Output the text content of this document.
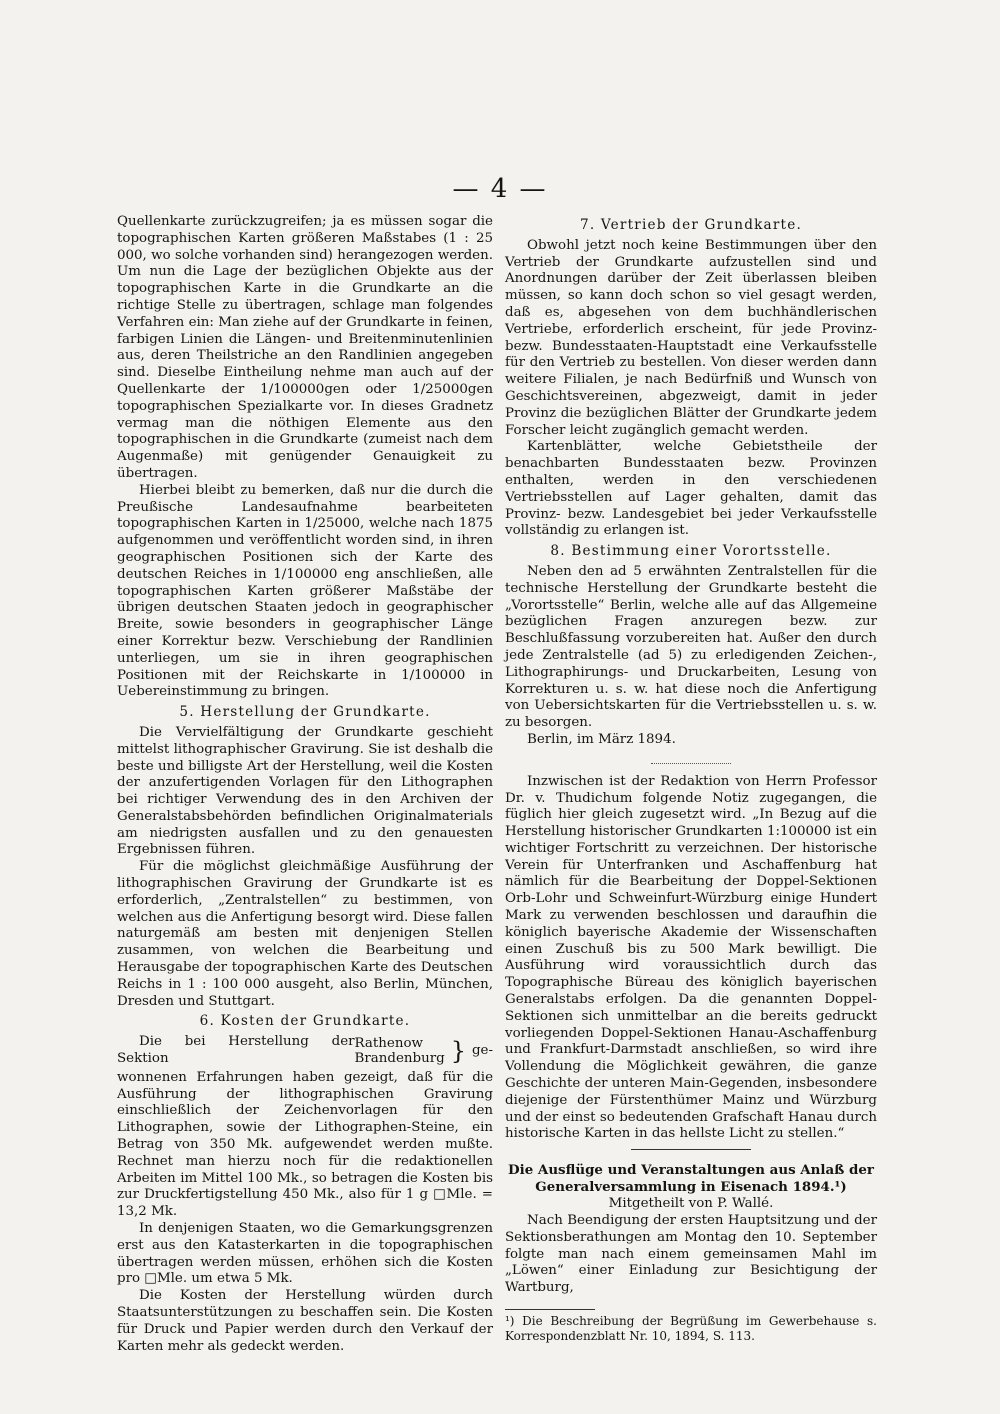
— 4 —

Quellenkarte zurückzugreifen; ja es müssen sogar die topographischen Karten größeren Maßstabes (1 : 25 000, wo solche vorhanden sind) herangezogen werden. Um nun die Lage der bezüglichen Objekte aus der topographischen Karte in die Grundkarte an die richtige Stelle zu übertragen, schlage man folgendes Verfahren ein: Man ziehe auf der Grundkarte in feinen, farbigen Linien die Längen- und Breitenminutenlinien aus, deren Theilstriche an den Randlinien angegeben sind. Dieselbe Eintheilung nehme man auch auf der Quellenkarte der 1/100000gen oder 1/25000gen topographischen Spezialkarte vor. In dieses Gradnetz vermag man die nöthigen Elemente aus den topographischen in die Grundkarte (zumeist nach dem Augenmaße) mit genügender Genauigkeit zu übertragen.

Hierbei bleibt zu bemerken, daß nur die durch die Preußische Landesaufnahme bearbeiteten topographischen Karten in 1/25000, welche nach 1875 aufgenommen und veröffentlicht worden sind, in ihren geographischen Positionen sich der Karte des deutschen Reiches in 1/100000 eng anschließen, alle topographischen Karten größerer Maßstäbe der übrigen deutschen Staaten jedoch in geographischer Breite, sowie besonders in geographischer Länge einer Korrektur bezw. Verschiebung der Randlinien unterliegen, um sie in ihren geographischen Positionen mit der Reichskarte in 1/100000 in Uebereinstimmung zu bringen.

5. Herstellung der Grundkarte.

Die Vervielfältigung der Grundkarte geschieht mittelst lithographischer Gravirung. Sie ist deshalb die beste und billigste Art der Herstellung, weil die Kosten der anzufertigenden Vorlagen für den Lithographen bei richtiger Verwendung des in den Archiven der Generalstabsbehörden befindlichen Originalmaterials am niedrigsten ausfallen und zu den genauesten Ergebnissen führen.

Für die möglichst gleichmäßige Ausführung der lithographischen Gravirung der Grundkarte ist es erforderlich, „Zentralstellen“ zu bestimmen, von welchen aus die Anfertigung besorgt wird. Diese fallen naturgemäß am besten mit denjenigen Stellen zusammen, von welchen die Bearbeitung und Herausgabe der topographischen Karte des Deutschen Reichs in 1 : 100 000 ausgeht, also Berlin, München, Dresden und Stuttgart.

6. Kosten der Grundkarte.
Die bei Herstellung der Sektion
Rathenow
Brandenburg } ge-

wonnenen Erfahrungen haben gezeigt, daß für die Ausführung der lithographischen Gravirung einschließlich der Zeichenvorlagen für den Lithographen, sowie der Lithographen-Steine, ein Betrag von 350 Mk. aufgewendet werden mußte. Rechnet man hierzu noch für die redaktionellen Arbeiten im Mittel 100 Mk., so betragen die Kosten bis zur Druckfertigstellung 450 Mk., also für 1 g □Mle. = 13,2 Mk.

In denjenigen Staaten, wo die Gemarkungsgrenzen erst aus den Katasterkarten in die topographischen übertragen werden müssen, erhöhen sich die Kosten pro □Mle. um etwa 5 Mk.

Die Kosten der Herstellung würden durch Staatsunterstützungen zu beschaffen sein. Die Kosten für Druck und Papier werden durch den Verkauf der Karten mehr als gedeckt werden.

7. Vertrieb der Grundkarte.

Obwohl jetzt noch keine Bestimmungen über den Vertrieb der Grundkarte aufzustellen sind und Anordnungen darüber der Zeit überlassen bleiben müssen, so kann doch schon so viel gesagt werden, daß es, abgesehen von dem buchhändlerischen Vertriebe, erforderlich erscheint, für jede Provinz- bezw. Bundesstaaten-Hauptstadt eine Verkaufsstelle für den Vertrieb zu bestellen. Von dieser werden dann weitere Filialen, je nach Bedürfniß und Wunsch von Geschichtsvereinen, abgezweigt, damit in jeder Provinz die bezüglichen Blätter der Grundkarte jedem Forscher leicht zugänglich gemacht werden.

Kartenblätter, welche Gebietstheile der benachbarten Bundesstaaten bezw. Provinzen enthalten, werden in den verschiedenen Vertriebsstellen auf Lager gehalten, damit das Provinz- bezw. Landesgebiet bei jeder Verkaufsstelle vollständig zu erlangen ist.

8. Bestimmung einer Vorortsstelle.

Neben den ad 5 erwähnten Zentralstellen für die technische Herstellung der Grundkarte besteht die „Vorortsstelle“ Berlin, welche alle auf das Allgemeine bezüglichen Fragen anzuregen bezw. zur Beschlußfassung vorzubereiten hat. Außer den durch jede Zentralstelle (ad 5) zu erledigenden Zeichen-, Lithographirungs- und Druckarbeiten, Lesung von Korrekturen u. s. w. hat diese noch die Anfertigung von Uebersichtskarten für die Vertriebsstellen u. s. w. zu besorgen.

Berlin, im März 1894.

Inzwischen ist der Redaktion von Herrn Professor Dr. v. Thudichum folgende Notiz zugegangen, die füglich hier gleich zugesetzt wird. „In Bezug auf die Herstellung historischer Grundkarten 1:100000 ist ein wichtiger Fortschritt zu verzeichnen. Der historische Verein für Unterfranken und Aschaffenburg hat nämlich für die Bearbeitung der Doppel-Sektionen Orb-Lohr und Schweinfurt-Würzburg einige Hundert Mark zu verwenden beschlossen und daraufhin die königlich bayerische Akademie der Wissenschaften einen Zuschuß bis zu 500 Mark bewilligt. Die Ausführung wird voraussichtlich durch das Topographische Büreau des königlich bayerischen Generalstabs erfolgen. Da die genannten Doppel-Sektionen sich unmittelbar an die bereits gedruckt vorliegenden Doppel-Sektionen Hanau-Aschaffenburg und Frankfurt-Darmstadt anschließen, so wird ihre Vollendung die Möglichkeit gewähren, die ganze Geschichte der unteren Main-Gegenden, insbesondere diejenige der Fürstenthümer Mainz und Würzburg und der einst so bedeutenden Grafschaft Hanau durch historische Karten in das hellste Licht zu stellen.“

Die Ausflüge und Veranstaltungen aus Anlaß der

Generalversammlung in Eisenach 1894.¹)

Mitgetheilt von P. Wallé.

Nach Beendigung der ersten Hauptsitzung und der Sektionsberathungen am Montag den 10. September folgte man nach einem gemeinsamen Mahl im „Löwen“ einer Einladung zur Besichtigung der Wartburg,

¹) Die Beschreibung der Begrüßung im Gewerbehause s. Korrespondenzblatt Nr. 10, 1894, S. 113.
